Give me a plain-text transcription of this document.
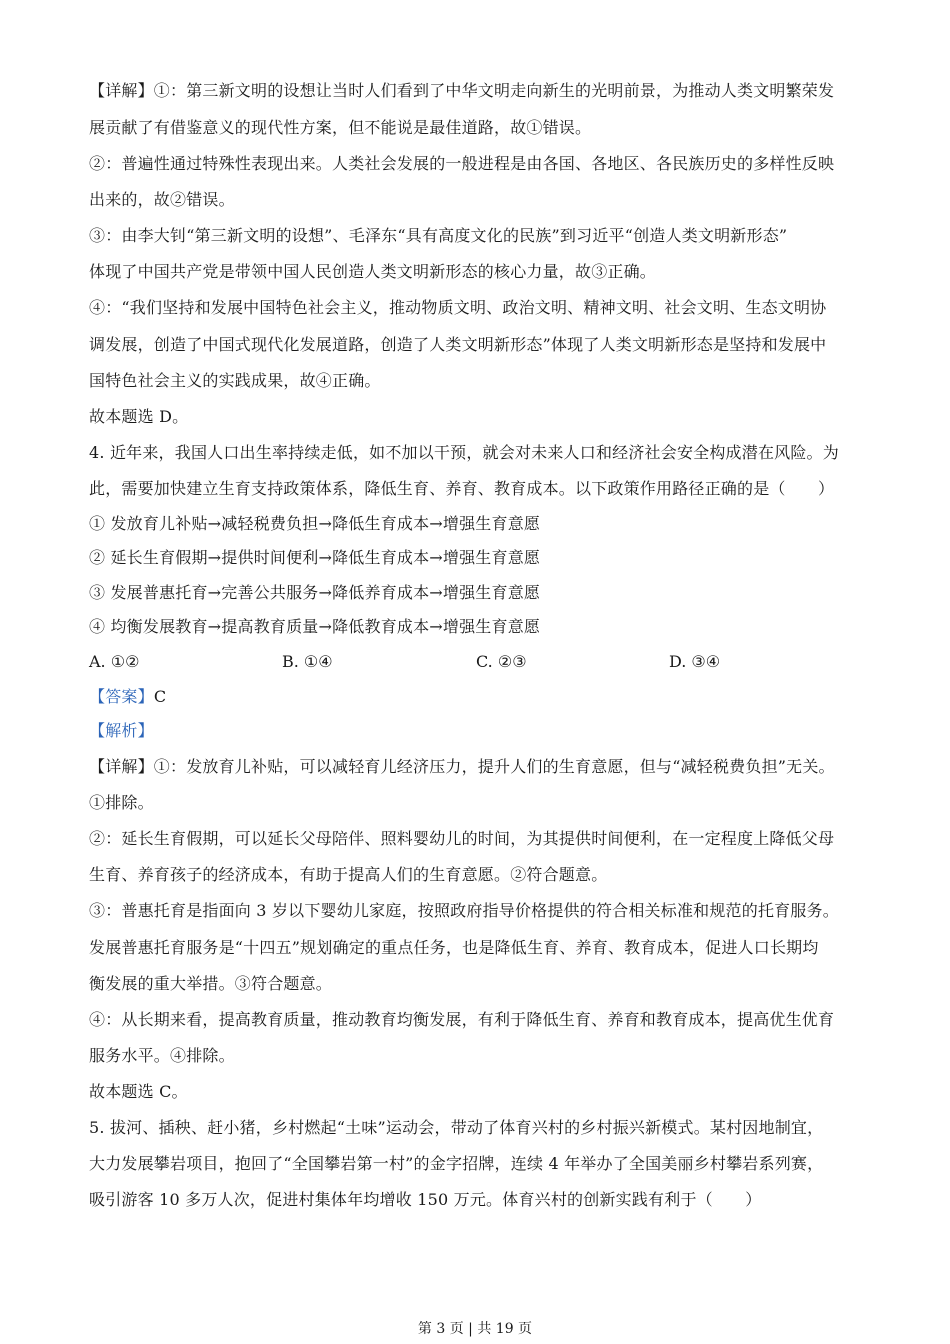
【详解】①：第三新文明的设想让当时人们看到了中华文明走向新生的光明前景，为推动人类文明繁荣发
展贡献了有借鉴意义的现代性方案，但不能说是最佳道路，故①错误。
②：普遍性通过特殊性表现出来。人类社会发展的一般进程是由各国、各地区、各民族历史的多样性反映
出来的，故②错误。
③：由李大钊“第三新文明的设想”、毛泽东“具有高度文化的民族”到习近平“创造人类文明新形态”
体现了中国共产党是带领中国人民创造人类文明新形态的核心力量，故③正确。
④：“我们坚持和发展中国特色社会主义，推动物质文明、政治文明、精神文明、社会文明、生态文明协
调发展，创造了中国式现代化发展道路，创造了人类文明新形态”体现了人类文明新形态是坚持和发展中
国特色社会主义的实践成果，故④正确。
故本题选 D。
4. 近年来，我国人口出生率持续走低，如不加以干预，就会对未来人口和经济社会安全构成潜在风险。为
此，需要加快建立生育支持政策体系，降低生育、养育、教育成本。以下政策作用路径正确的是（　　）
① 发放育儿补贴→减轻税费负担→降低生育成本→增强生育意愿
② 延长生育假期→提供时间便利→降低生育成本→增强生育意愿
③ 发展普惠托育→完善公共服务→降低养育成本→增强生育意愿
④ 均衡发展教育→提高教育质量→降低教育成本→增强生育意愿
A. ①②	B. ①④	C. ②③	D. ③④
【答案】C
【解析】
【详解】①：发放育儿补贴，可以减轻育儿经济压力，提升人们的生育意愿，但与“减轻税费负担”无关。
①排除。
②：延长生育假期，可以延长父母陪伴、照料婴幼儿的时间，为其提供时间便利，在一定程度上降低父母
生育、养育孩子的经济成本，有助于提高人们的生育意愿。②符合题意。
③：普惠托育是指面向 3 岁以下婴幼儿家庭，按照政府指导价格提供的符合相关标准和规范的托育服务。
发展普惠托育服务是“十四五”规划确定的重点任务，也是降低生育、养育、教育成本，促进人口长期均
衡发展的重大举措。③符合题意。
④：从长期来看，提高教育质量，推动教育均衡发展，有利于降低生育、养育和教育成本，提高优生优育
服务水平。④排除。
故本题选 C。
5. 拔河、插秧、赶小猪，乡村燃起“土味”运动会，带动了体育兴村的乡村振兴新模式。某村因地制宜，
大力发展攀岩项目，抱回了“全国攀岩第一村”的金字招牌，连续 4 年举办了全国美丽乡村攀岩系列赛，
吸引游客 10 多万人次，促进村集体年均增收 150 万元。体育兴村的创新实践有利于（　　）
第 3 页 | 共 19 页
